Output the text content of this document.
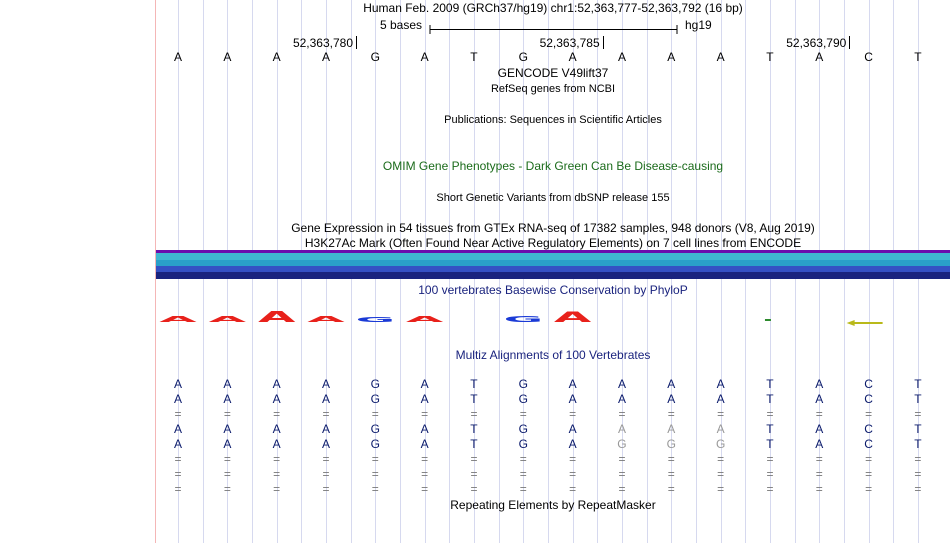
Human Feb. 2009 (GRCh37/hg19) chr1:52,363,777-52,363,792 (16 bp)
5 bases	hg19
52,363,780	52,363,785	52,363,790
A	A	A	A	G	A	T	G	A	A	A	A	T	A	C	T
GENCODE V49lift37
RefSeq genes from NCBI
Publications: Sequences in Scientific Articles
OMIM Gene Phenotypes - Dark Green Can Be Disease-causing
Short Genetic Variants from dbSNP release 155
Gene Expression in 54 tissues from GTEx RNA-seq of 17382 samples, 948 donors (V8, Aug 2019)
H3K27Ac Mark (Often Found Near Active Regulatory Elements) on 7 cell lines from ENCODE
100 vertebrates Basewise Conservation by PhyloP
A A A A G A	G A
Multiz Alignments of 100 Vertebrates
A	A	A	A	G	A	T	G	A	A	A	A	T	A	C	T
A	A	A	A	G	A	T	G	A	A	A	A	T	A	C	T
=	=	=	=	=	=	=	=	=	=	=	=	=	=	=	=
A	A	A	A	G	A	T	G	A	A	A	A	T	A	C	T
A	A	A	A	G	A	T	G	A	G	G	G	T	A	C	T
=	=	=	=	=	=	=	=	=	=	=	=	=	=	=	=
=	=	=	=	=	=	=	=	=	=	=	=	=	=	=	=
=	=	=	=	=	=	=	=	=	=	=	=	=	=	=	=
Repeating Elements by RepeatMasker
